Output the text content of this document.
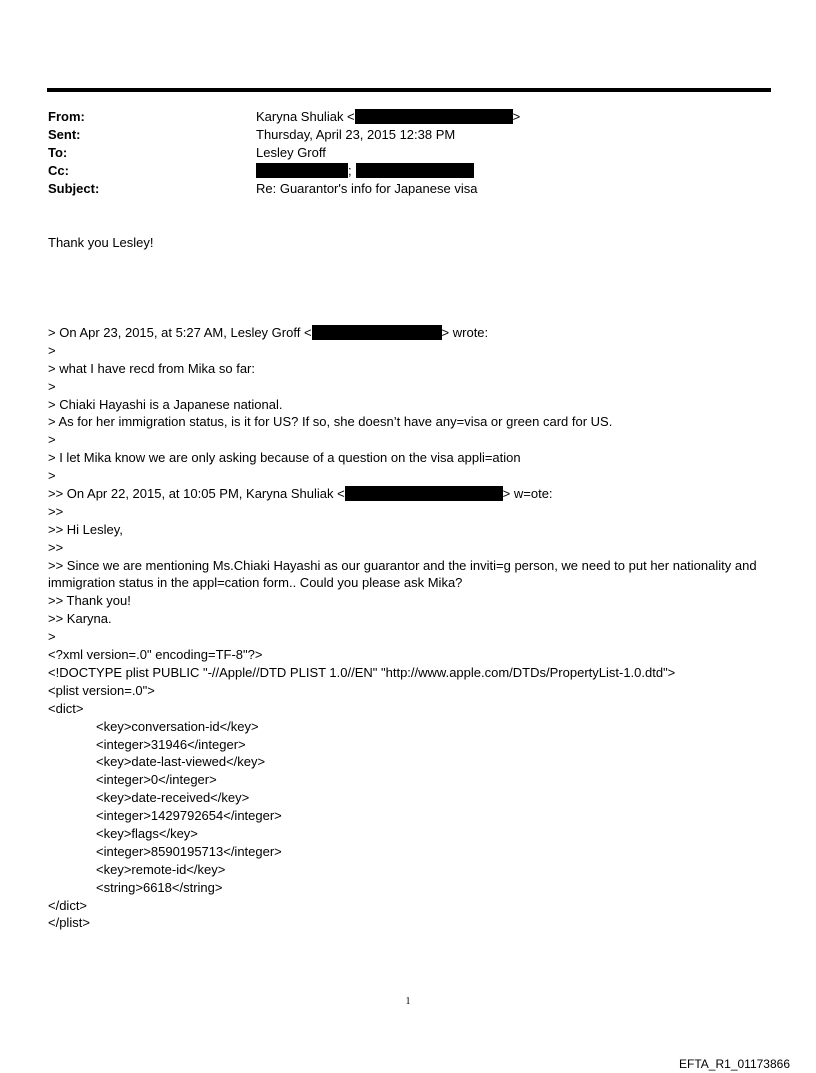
From:	Karyna Shuliak <	>
Sent:	Thursday, April 23, 2015 12:38 PM
To:	Lesley Groff
Cc:	;
Subject:	Re: Guarantor's info for Japanese visa
Thank you Lesley!
> On Apr 23, 2015, at 5:27 AM, Lesley Groff <	> wrote:
>
> what I have recd from Mika so far:
>
> Chiaki Hayashi is a Japanese national.
> As for her immigration status, is it for US? If so, she doesn’t have any=visa or green card for US.
>
> I let Mika know we are only asking because of a question on the visa appli=ation
>
>> On Apr 22, 2015, at 10:05 PM, Karyna Shuliak <	> w=ote:
>>
>> Hi Lesley,
>>
>> Since we are mentioning Ms.Chiaki Hayashi as our guarantor and the inviti=g person, we need to put her nationality and immigration status in the appl=cation form.. Could you please ask Mika?
>> Thank you!
>> Karyna.
>
<?xml version=.0" encoding=TF-8"?>
<!DOCTYPE plist PUBLIC "-//Apple//DTD PLIST 1.0//EN" "http://www.apple.com/DTDs/PropertyList-1.0.dtd">
<plist version=.0">
<dict>
<key>conversation-id</key>
<integer>31946</integer>
<key>date-last-viewed</key>
<integer>0</integer>
<key>date-received</key>
<integer>1429792654</integer>
<key>flags</key>
<integer>8590195713</integer>
<key>remote-id</key>
<string>6618</string>
</dict>
</plist>
1
EFTA_R1_01173866
